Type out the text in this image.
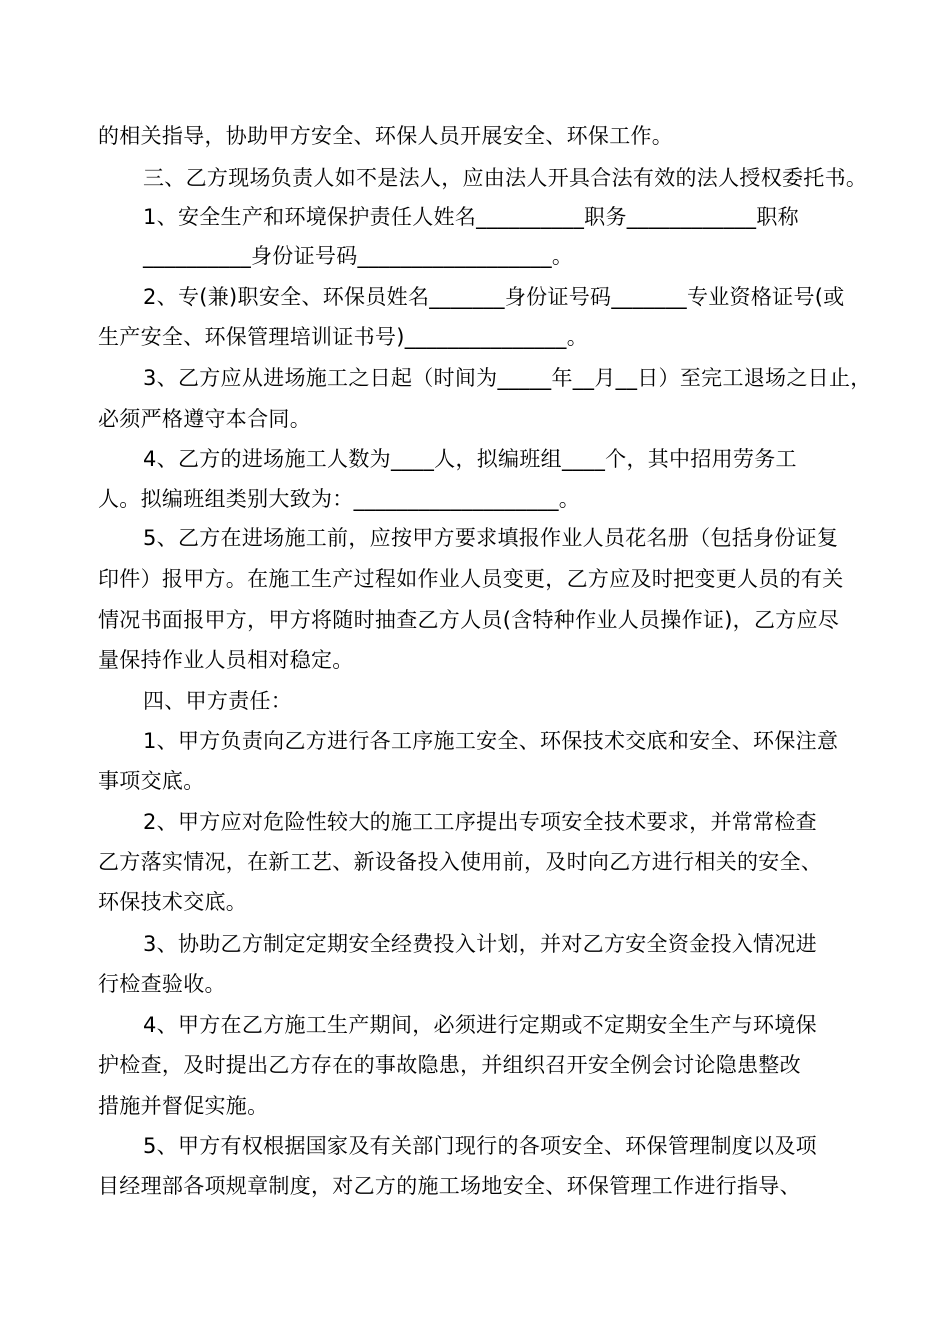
的相关指导，协助甲方安全、环保人员开展安全、环保工作。
三、乙方现场负责人如不是法人，应由法人开具合法有效的法人授权委托书。
1、安全生产和环境保护责任人姓名__________职务____________职称
__________身份证号码__________________。
2、专(兼)职安全、环保员姓名_______身份证号码_______专业资格证号(或
生产安全、环保管理培训证书号)_______________。
3、乙方应从进场施工之日起（时间为_____年__月__日）至完工退场之日止，
必须严格遵守本合同。
4、乙方的进场施工人数为____人，拟编班组____个，其中招用劳务工
人。拟编班组类别大致为：___________________。
5、乙方在进场施工前，应按甲方要求填报作业人员花名册（包括身份证复
印件）报甲方。在施工生产过程如作业人员变更，乙方应及时把变更人员的有关
情况书面报甲方，甲方将随时抽查乙方人员(含特种作业人员操作证)，乙方应尽
量保持作业人员相对稳定。
四、甲方责任：
1、甲方负责向乙方进行各工序施工安全、环保技术交底和安全、环保注意
事项交底。
2、甲方应对危险性较大的施工工序提出专项安全技术要求，并常常检查
乙方落实情况，在新工艺、新设备投入使用前，及时向乙方进行相关的安全、
环保技术交底。
3、协助乙方制定定期安全经费投入计划，并对乙方安全资金投入情况进
行检查验收。
4、甲方在乙方施工生产期间，必须进行定期或不定期安全生产与环境保
护检查，及时提出乙方存在的事故隐患，并组织召开安全例会讨论隐患整改
措施并督促实施。
5、甲方有权根据国家及有关部门现行的各项安全、环保管理制度以及项
目经理部各项规章制度，对乙方的施工场地安全、环保管理工作进行指导、
